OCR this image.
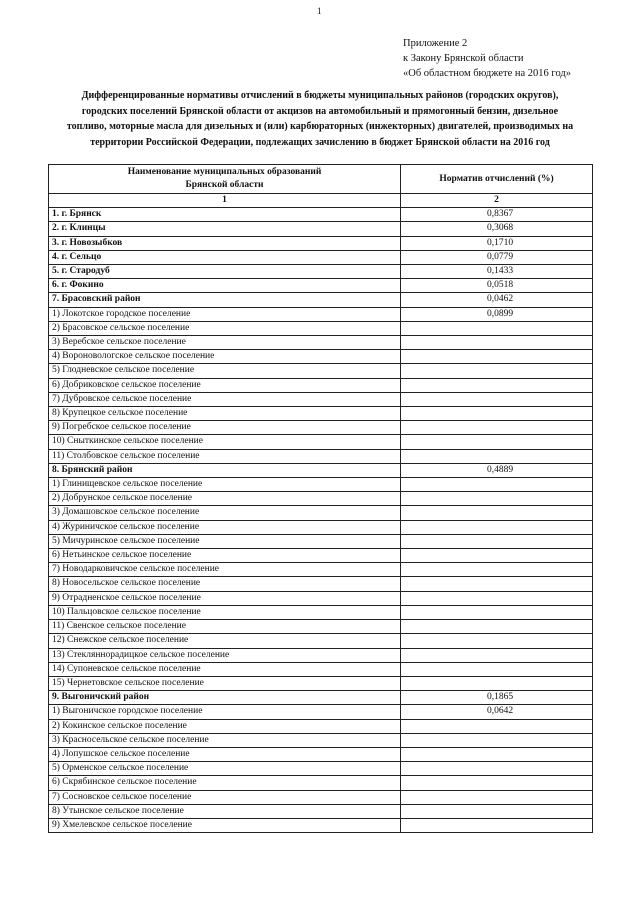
1
Приложение 2
к Закону Брянской области
«Об областном бюджете на 2016 год»
Дифференцированные нормативы отчислений в бюджеты муниципальных районов (городских округов),
городских поселений Брянской области от акцизов на автомобильный и прямогонный бензин, дизельное
топливо, моторные масла для дизельных и (или) карбюраторных (инжекторных) двигателей, производимых на
территории Российской Федерации, подлежащих зачислению в бюджет Брянской области на 2016 год
Наименование муниципальных образований
Брянской области	Норматив отчислений (%)
1	2
1. г. Брянск	0,8367
2. г. Клинцы	0,3068
3. г. Новозыбков	0,1710
4. г. Сельцо	0,0779
5. г. Стародуб	0,1433
6. г. Фокино	0,0518
7. Брасовский район	0,0462
1) Локотское городское поселение	0,0899
2) Брасовское сельское поселение	
3) Веребское сельское поселение	
4) Вороновологское сельское поселение	
5) Глодневское сельское поселение	
6) Добриковское сельское поселение	
7) Дубровское сельское поселение	
8) Крупецкое сельское поселение	
9) Погребское сельское поселение	
10) Сныткинское сельское поселение	
11) Столбовское сельское поселение	
8. Брянский район	0,4889
1) Глинищевское сельское поселение	
2) Добрунское сельское поселение	
3) Домашовское сельское поселение	
4) Журиничское сельское поселение	
5) Мичуринское сельское поселение	
6) Нетьинское сельское поселение	
7) Новодарковичское сельское поселение	
8) Новосельское сельское поселение	
9) Отрадненское сельское поселение	
10) Пальцовское сельское поселение	
11) Свенское сельское поселение	
12) Снежское сельское поселение	
13) Стекляннорадицкое сельское поселение	
14) Супоневское сельское поселение	
15) Чернетовское сельское поселение	
9. Выгоничский район	0,1865
1) Выгоничское городское поселение	0,0642
2) Кокинское сельское поселение	
3) Красносельское сельское поселение	
4) Лопушское сельское поселение	
5) Орменское сельское поселение	
6) Скрябинское сельское поселение	
7) Сосновское сельское поселение	
8) Утынское сельское поселение	
9) Хмелевское сельское поселение	
